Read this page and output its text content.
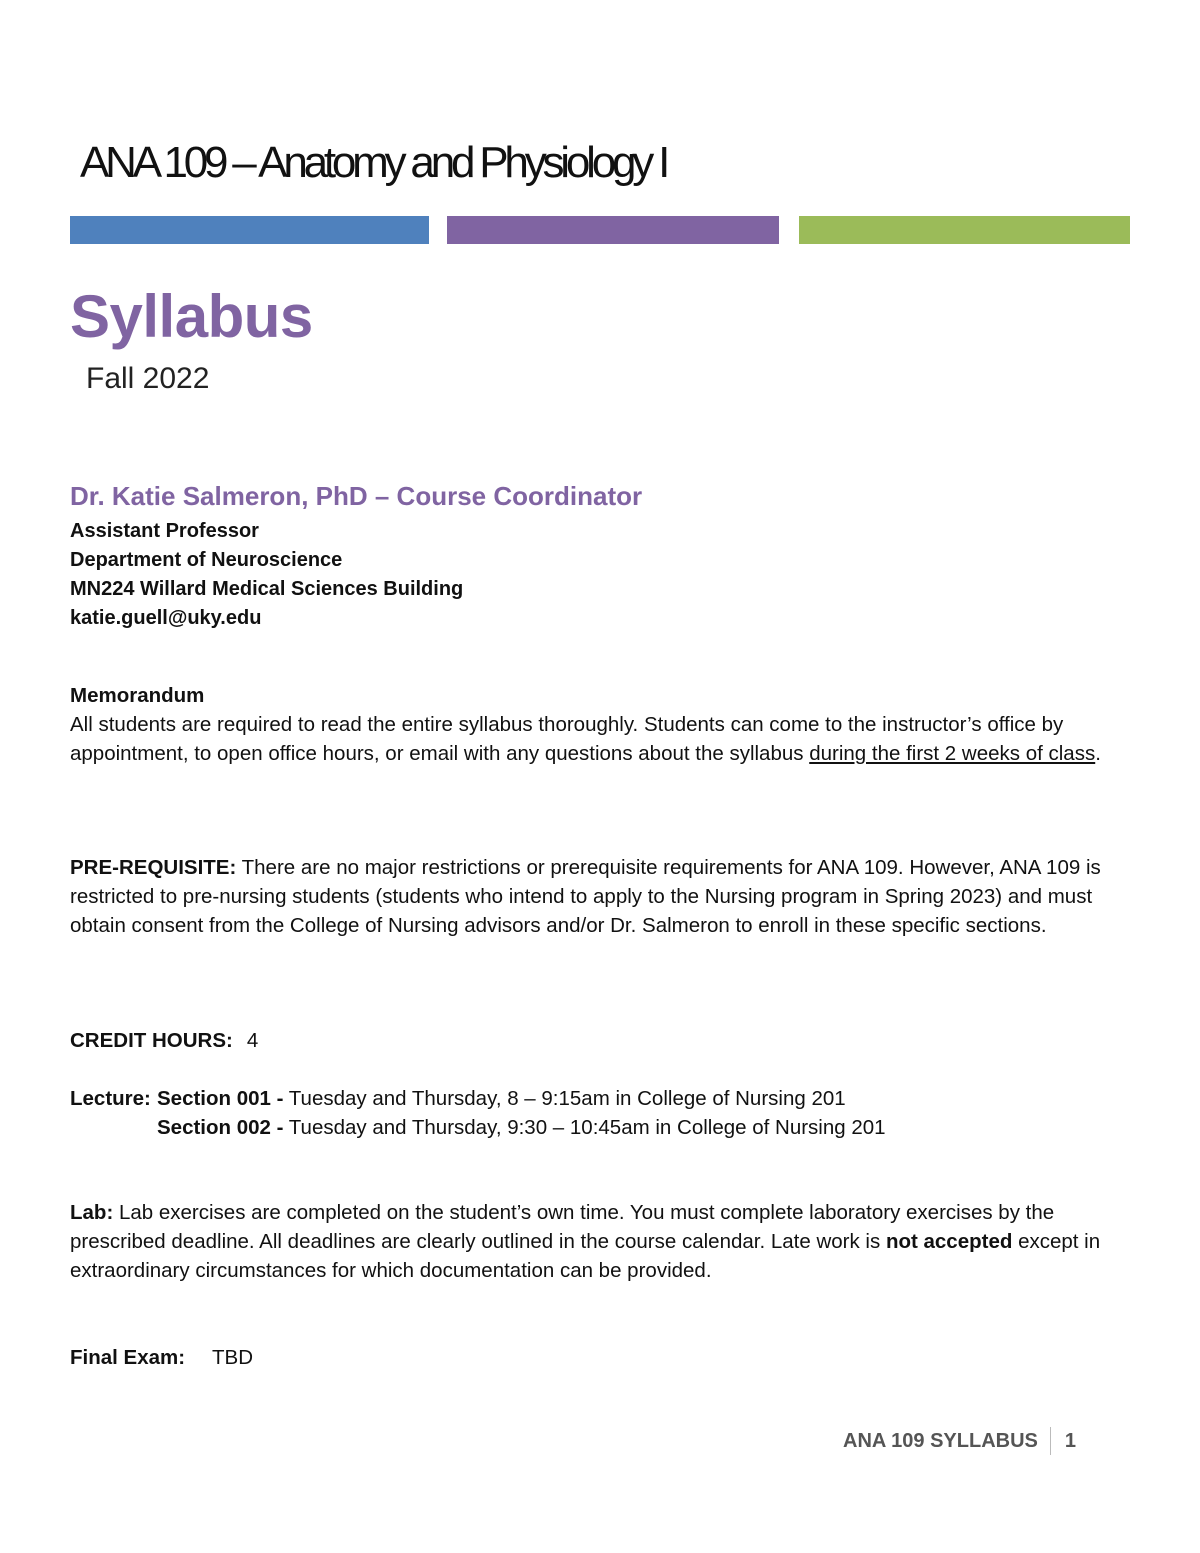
ANA 109 – Anatomy and Physiology I
Syllabus
Fall 2022
Dr. Katie Salmeron, PhD – Course Coordinator
Assistant Professor
Department of Neuroscience
MN224 Willard Medical Sciences Building
katie.guell@uky.edu
Memorandum
All students are required to read the entire syllabus thoroughly. Students can come to the instructor’s office by appointment, to open office hours, or email with any questions about the syllabus during the first 2 weeks of class.
PRE-REQUISITE: There are no major restrictions or prerequisite requirements for ANA 109. However, ANA 109 is restricted to pre-nursing students (students who intend to apply to the Nursing program in Spring 2023) and must obtain consent from the College of Nursing advisors and/or Dr. Salmeron to enroll in these specific sections.
CREDIT HOURS: 4
Lecture: Section 001 - Tuesday and Thursday, 8 – 9:15am in College of Nursing 201
Section 002 - Tuesday and Thursday, 9:30 – 10:45am in College of Nursing 201
Lab: Lab exercises are completed on the student’s own time. You must complete laboratory exercises by the prescribed deadline. All deadlines are clearly outlined in the course calendar. Late work is not accepted except in extraordinary circumstances for which documentation can be provided.
Final Exam: TBD
ANA 109 SYLLABUS 1
